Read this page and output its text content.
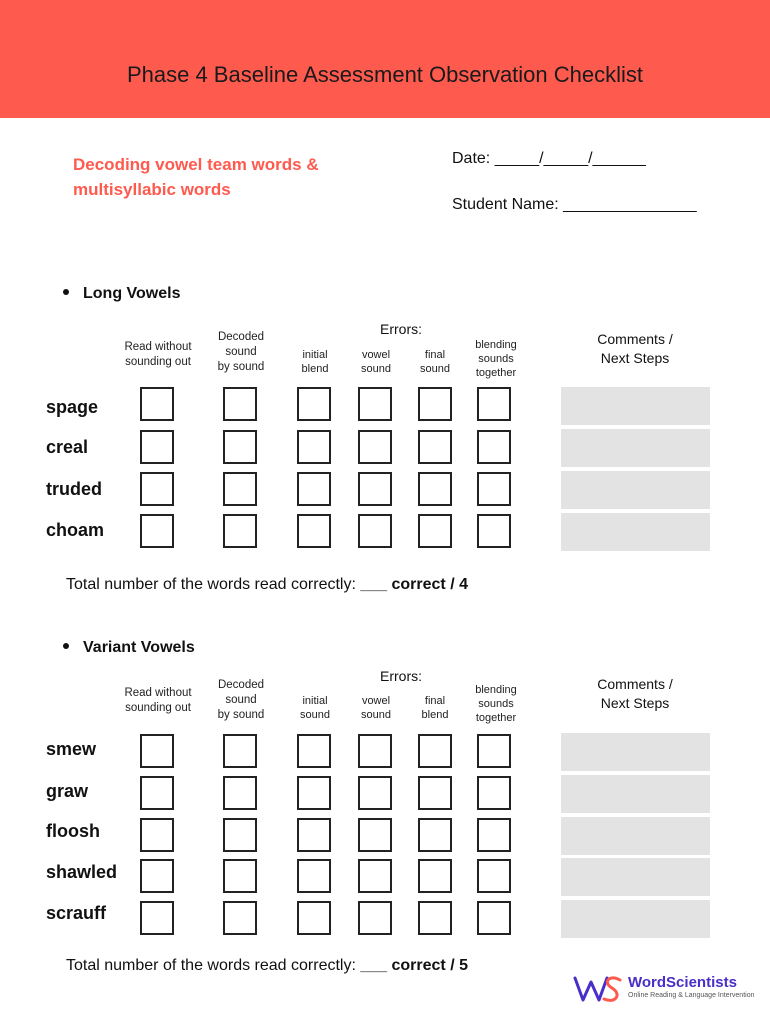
Phase 4 Baseline Assessment Observation Checklist
Decoding vowel team words &
multisyllabic words
Date: _____/_____/______
Student Name: _______________
Long Vowels
Read without
sounding out
Decoded
sound
by sound
Errors:
initial
blend
vowel
sound
final
sound
blending
sounds
together
Comments /
Next Steps
spage
creal
truded
choam
Total number of the words read correctly: ___ correct / 4
Variant Vowels
Read without
sounding out
Decoded
sound
by sound
Errors:
initial
sound
vowel
sound
final
blend
blending
sounds
together
Comments /
Next Steps
smew
graw
floosh
shawled
scrauff
Total number of the words read correctly: ___ correct / 5
WordScientists
Online Reading & Language Intervention
